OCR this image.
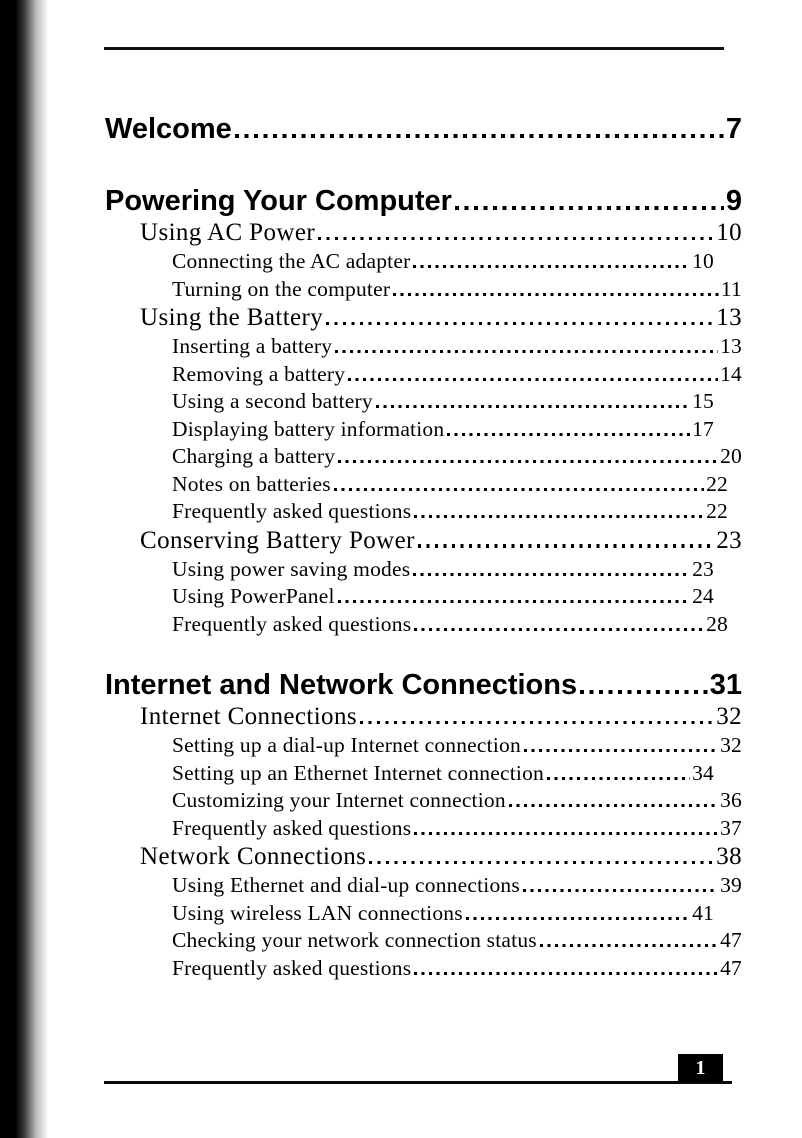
Welcome	7
Powering Your Computer	9
Using AC Power	10
Connecting the AC adapter	10
Turning on the computer	11
Using the Battery	13
Inserting a battery	13
Removing a battery	14
Using a second battery	15
Displaying battery information	17
Charging a battery	20
Notes on batteries	22
Frequently asked questions	22
Conserving Battery Power	23
Using power saving modes	23
Using PowerPanel	24
Frequently asked questions	28
Internet and Network Connections	31
Internet Connections	32
Setting up a dial-up Internet connection	32
Setting up an Ethernet Internet connection	34
Customizing your Internet connection	36
Frequently asked questions	37
Network Connections	38
Using Ethernet and dial-up connections	39
Using wireless LAN connections	41
Checking your network connection status	47
Frequently asked questions	47
1
